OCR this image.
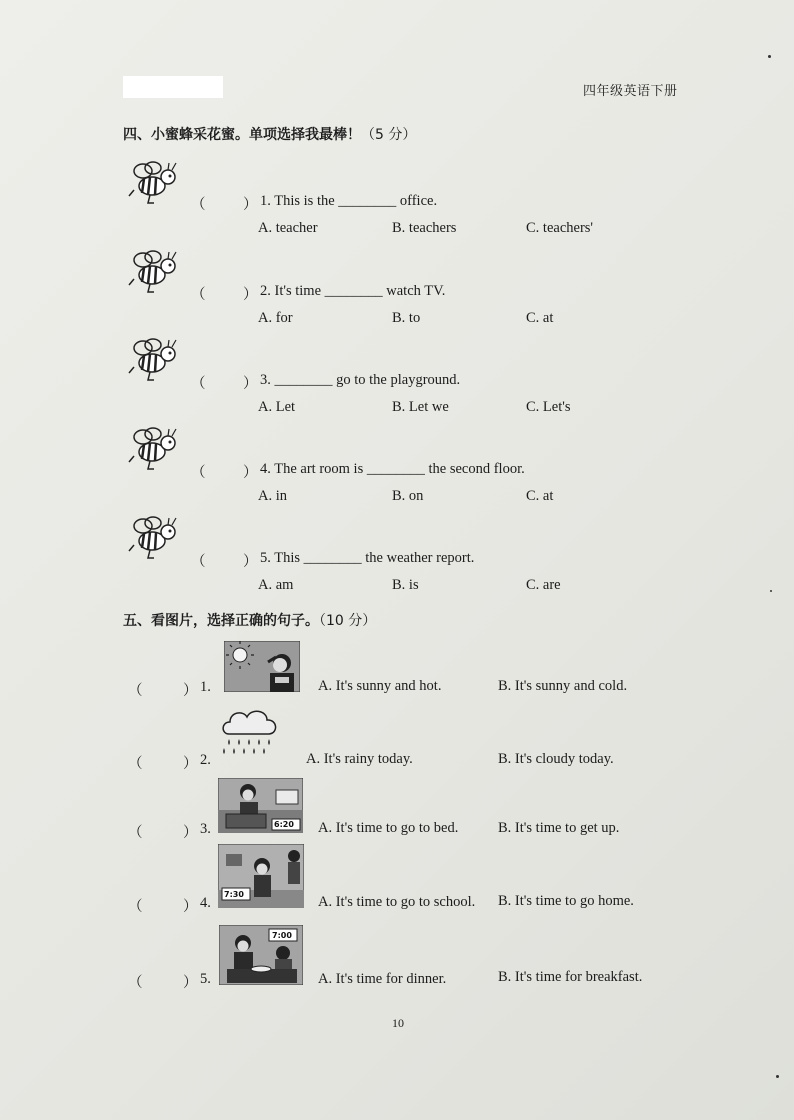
四年级英语下册
四、小蜜蜂采花蜜。单项选择我最棒！（5 分）
（	） 1. This is the ________ office.
A. teacher	B. teachers	C. teachers'
（	） 2. It's time ________ watch TV.
A. for	B. to	C. at
（	） 3. ________ go to the playground.
A. Let	B. Let we	C. Let's
（	） 4. The art room is ________ the second floor.
A. in	B. on	C. at
（	） 5. This ________ the weather report.
A. am	B. is	C. are
五、看图片，选择正确的句子。（10 分）
（	） 1.	A. It's sunny and hot.	B. It's sunny and cold.
（	） 2.	A. It's rainy today.	B. It's cloudy today.
6:20
（	） 3.	A. It's time to go to bed.	B. It's time to get up.
7:30
（	） 4.	A. It's time to go to school. B. It's time to go home.
7:00
（	） 5.	A. It's time for dinner.	B. It's time for breakfast.
10
